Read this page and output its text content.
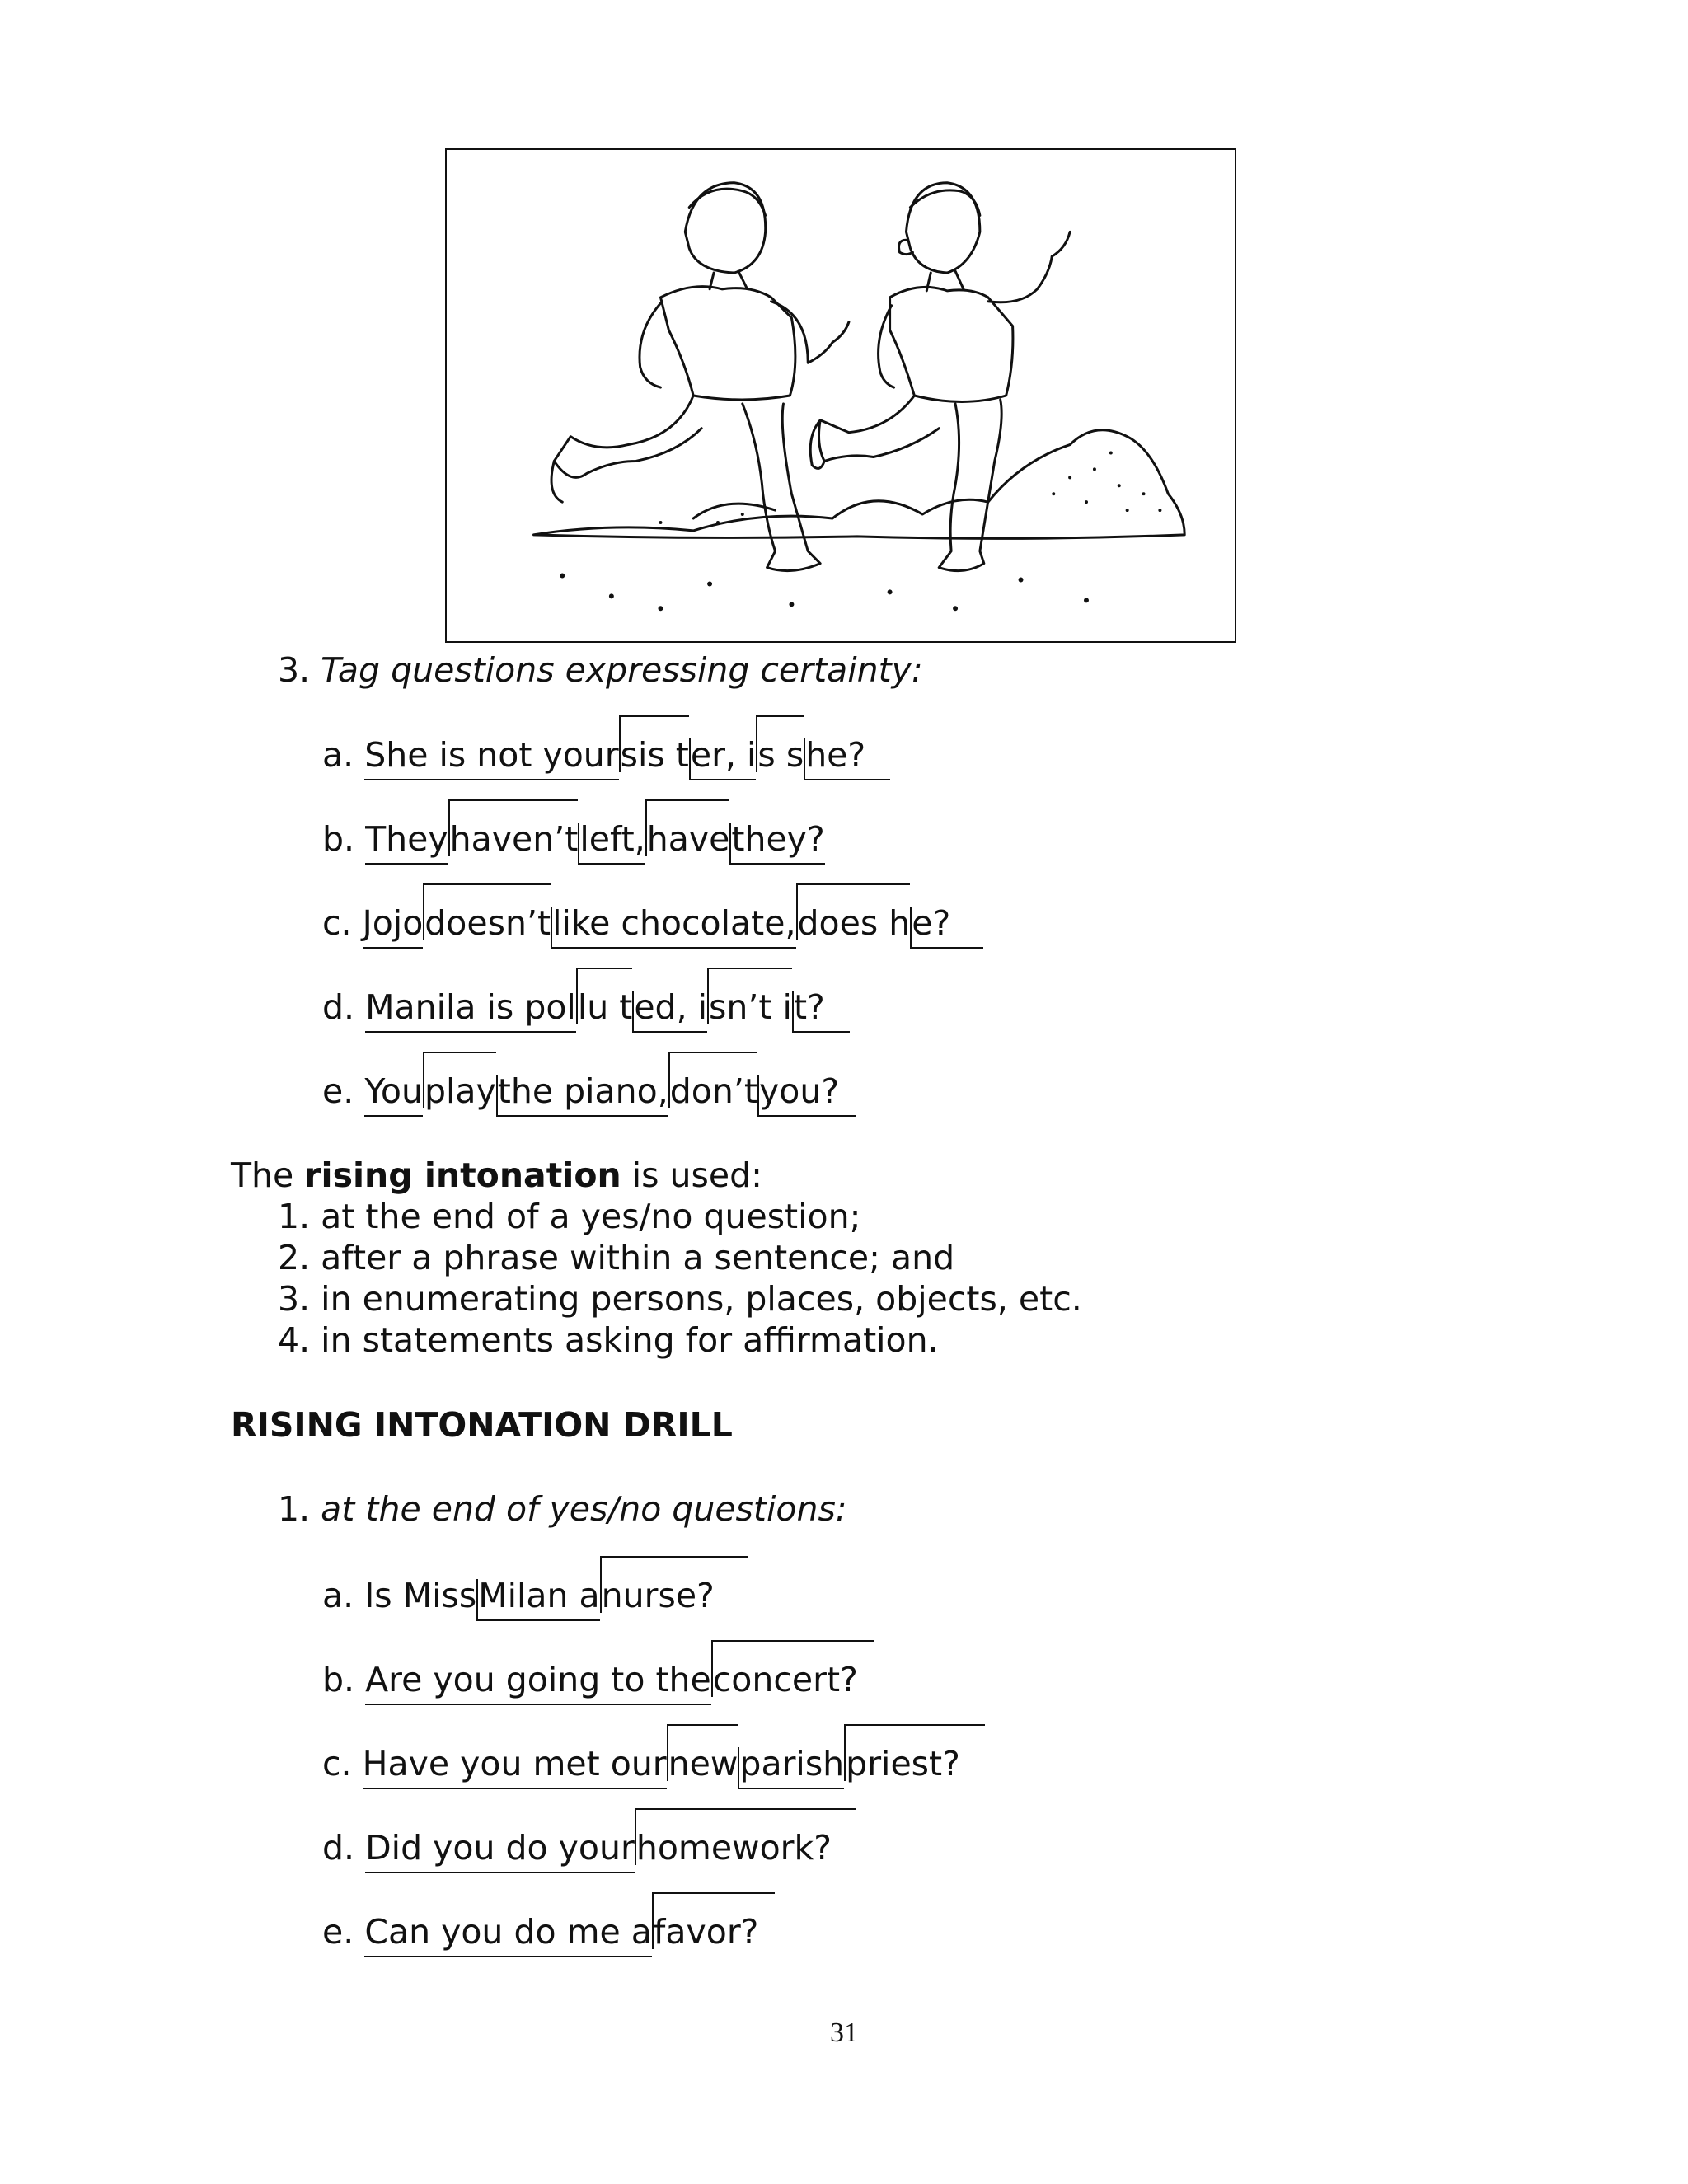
3. Tag questions expressing certainty:
a. She is not yoursis ter, is she?
b. Theyhaven’tleft,havethey?
c. Jojodoesn’tlike chocolate,does he?
d. Manila is pollu ted, isn’t it?
e. Youplaythe piano,don’tyou?
The rising intonation is used:
1. at the end of a yes/no question;
2. after a phrase within a sentence; and
3. in enumerating persons, places, objects, etc.
4. in statements asking for affirmation.
RISING INTONATION DRILL
1. at the end of yes/no questions:
a. Is MissMilan anurse?
b. Are you going to theconcert?
c. Have you met ournewparishpriest?
d. Did you do yourhomework?
e. Can you do me afavor?
31
